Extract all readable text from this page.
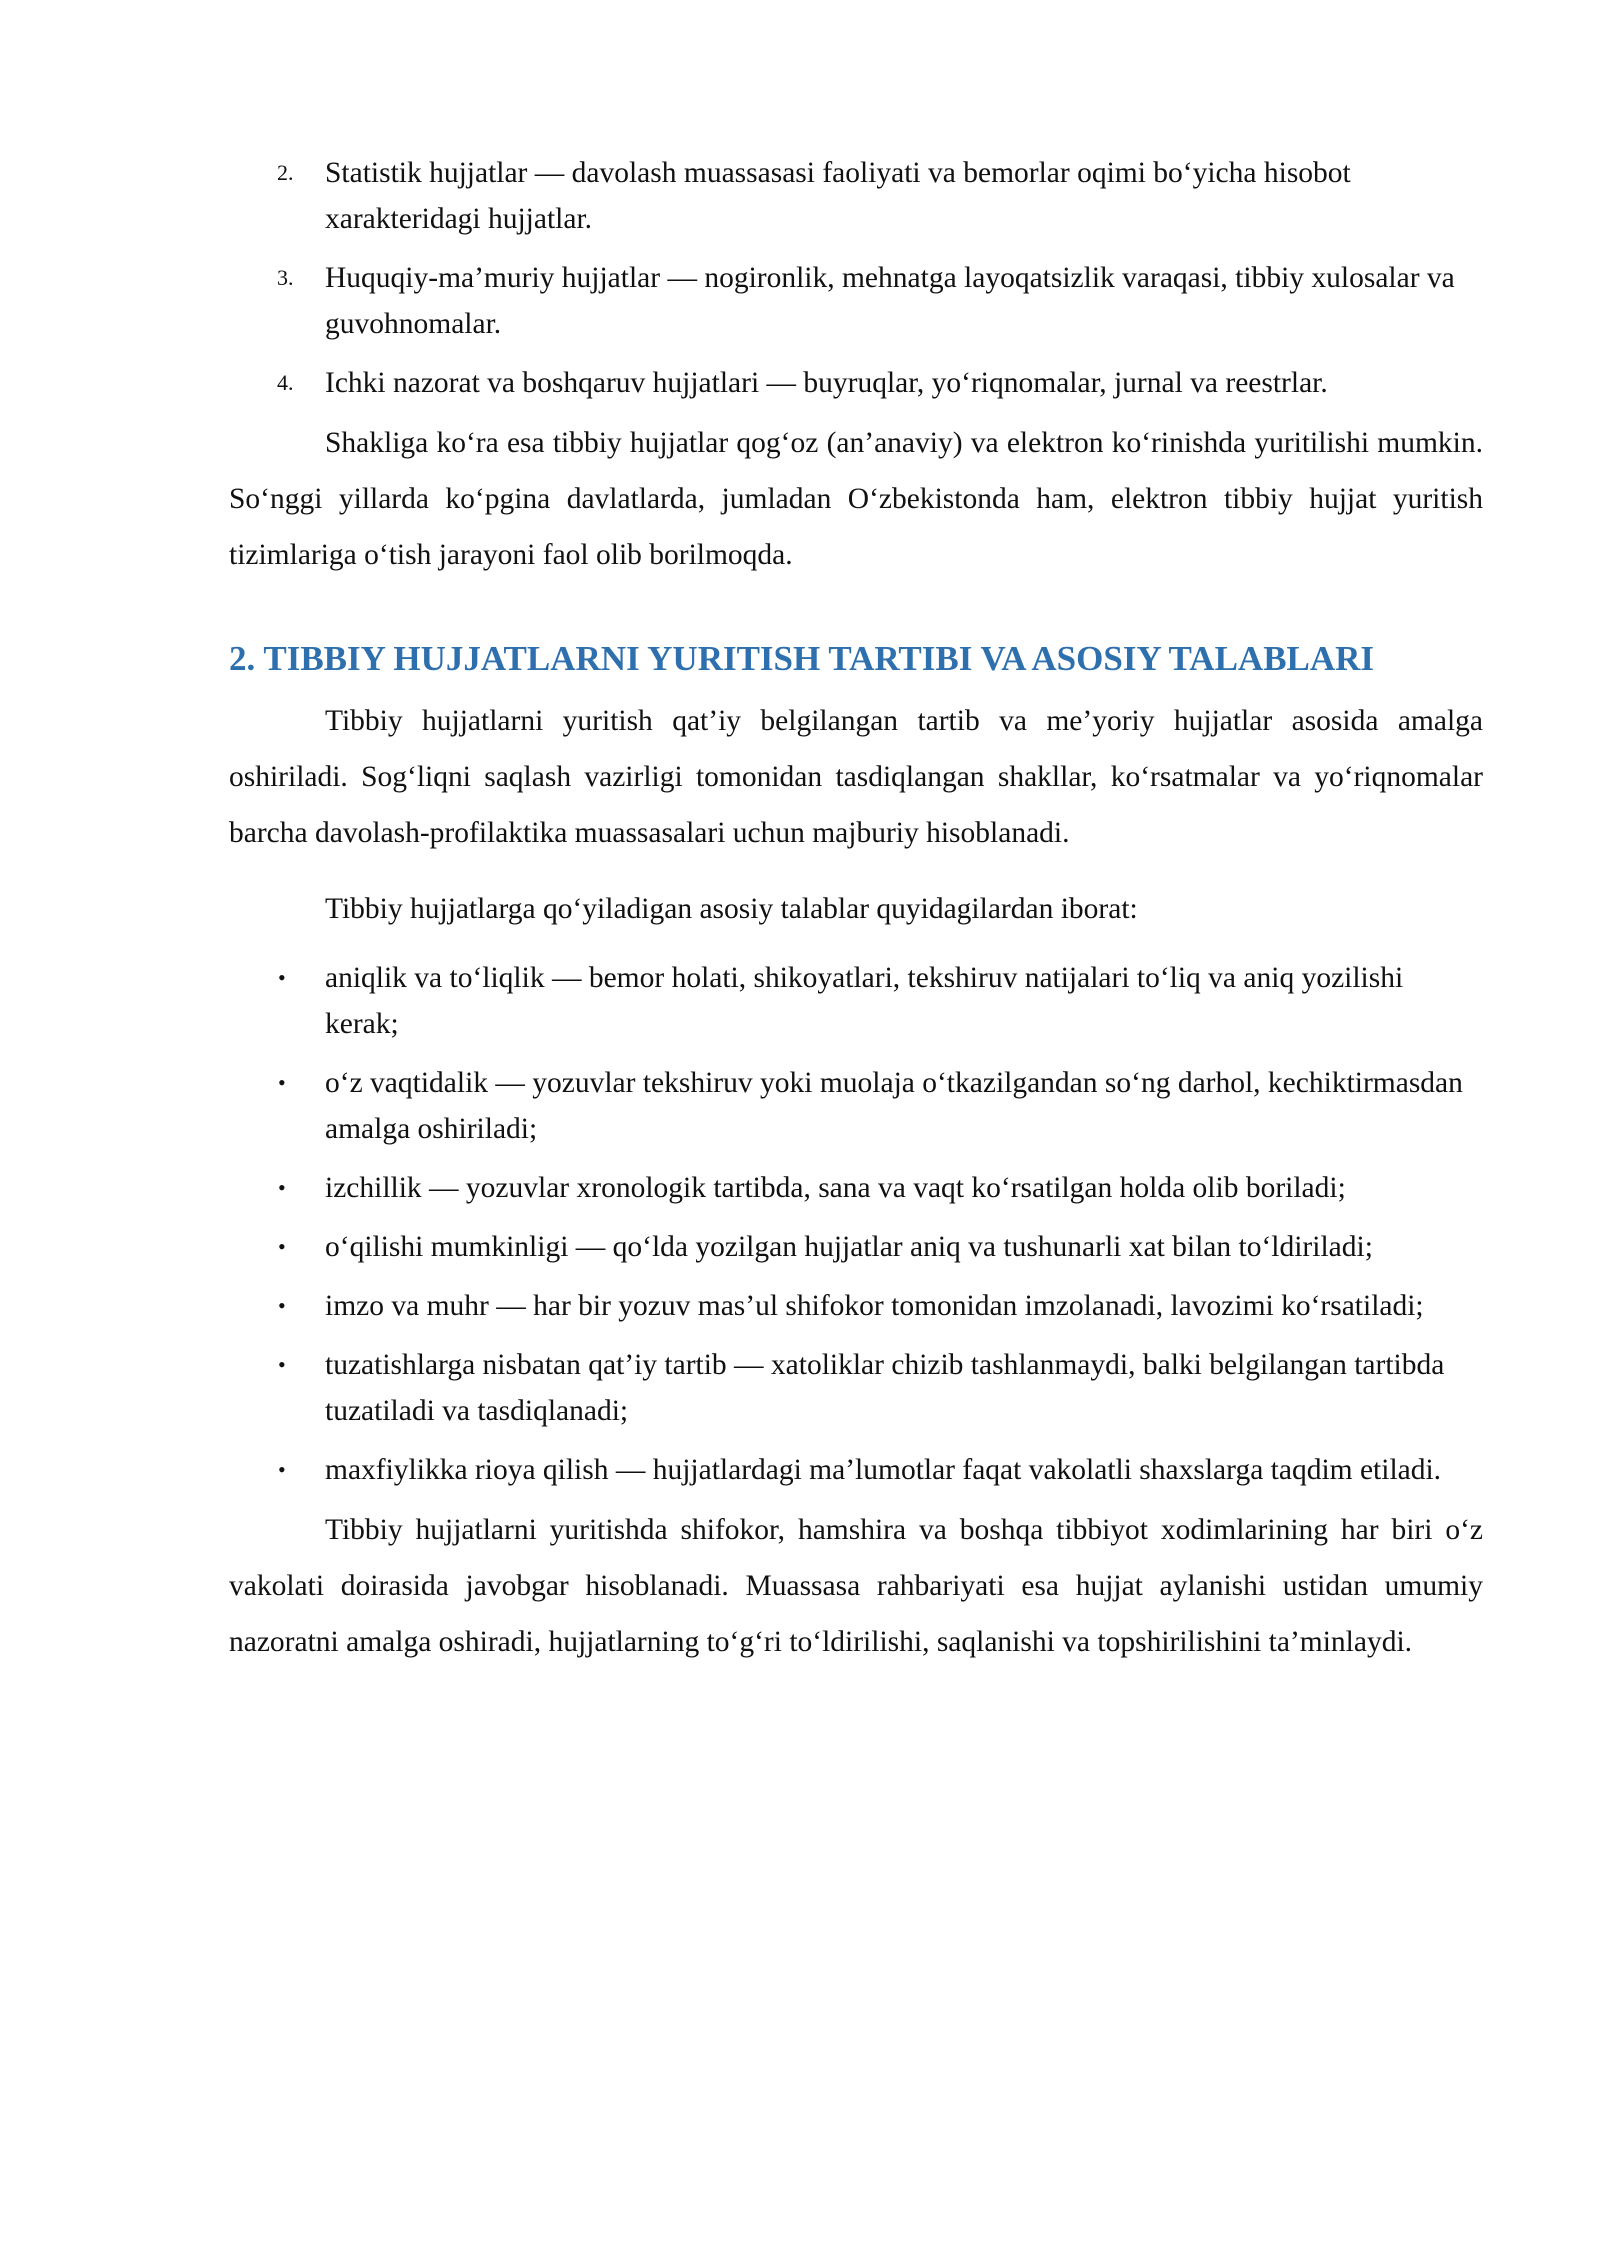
2.	Statistik hujjatlar — davolash muassasasi faoliyati va bemorlar oqimi bo‘yicha hisobot xarakteridagi hujjatlar.
3.	Huquqiy-ma’muriy hujjatlar — nogironlik, mehnatga layoqatsizlik varaqasi, tibbiy xulosalar va guvohnomalar.
4.	Ichki nazorat va boshqaruv hujjatlari — buyruqlar, yo‘riqnomalar, jurnal va reestrlar.

Shakliga ko‘ra esa tibbiy hujjatlar qog‘oz (an’anaviy) va elektron ko‘rinishda yuritilishi mumkin. So‘nggi yillarda ko‘pgina davlatlarda, jumladan O‘zbekistonda ham, elektron tibbiy hujjat yuritish tizimlariga o‘tish jarayoni faol olib borilmoqda.

2. TIBBIY HUJJATLARNI YURITISH TARTIBI VA ASOSIY TALABLARI

Tibbiy hujjatlarni yuritish qat’iy belgilangan tartib va me’yoriy hujjatlar asosida amalga oshiriladi. Sog‘liqni saqlash vazirligi tomonidan tasdiqlangan shakllar, ko‘rsatmalar va yo‘riqnomalar barcha davolash-profilaktika muassasalari uchun majburiy hisoblanadi.

Tibbiy hujjatlarga qo‘yiladigan asosiy talablar quyidagilardan iborat:

• aniqlik va to‘liqlik — bemor holati, shikoyatlari, tekshiruv natijalari to‘liq va aniq yozilishi kerak;
• o‘z vaqtidalik — yozuvlar tekshiruv yoki muolaja o‘tkazilgandan so‘ng darhol, kechiktirmasdan amalga oshiriladi;
• izchillik — yozuvlar xronologik tartibda, sana va vaqt ko‘rsatilgan holda olib boriladi;
• o‘qilishi mumkinligi — qo‘lda yozilgan hujjatlar aniq va tushunarli xat bilan to‘ldiriladi;
• imzo va muhr — har bir yozuv mas’ul shifokor tomonidan imzolanadi, lavozimi ko‘rsatiladi;
• tuzatishlarga nisbatan qat’iy tartib — xatoliklar chizib tashlanmaydi, balki belgilangan tartibda tuzatiladi va tasdiqlanadi;
• maxfiylikka rioya qilish — hujjatlardagi ma’lumotlar faqat vakolatli shaxslarga taqdim etiladi.

Tibbiy hujjatlarni yuritishda shifokor, hamshira va boshqa tibbiyot xodimlarining har biri o‘z vakolati doirasida javobgar hisoblanadi. Muassasa rahbariyati esa hujjat aylanishi ustidan umumiy nazoratni amalga oshiradi, hujjatlarning to‘g‘ri to‘ldirilishi, saqlanishi va topshirilishini ta’minlaydi.
